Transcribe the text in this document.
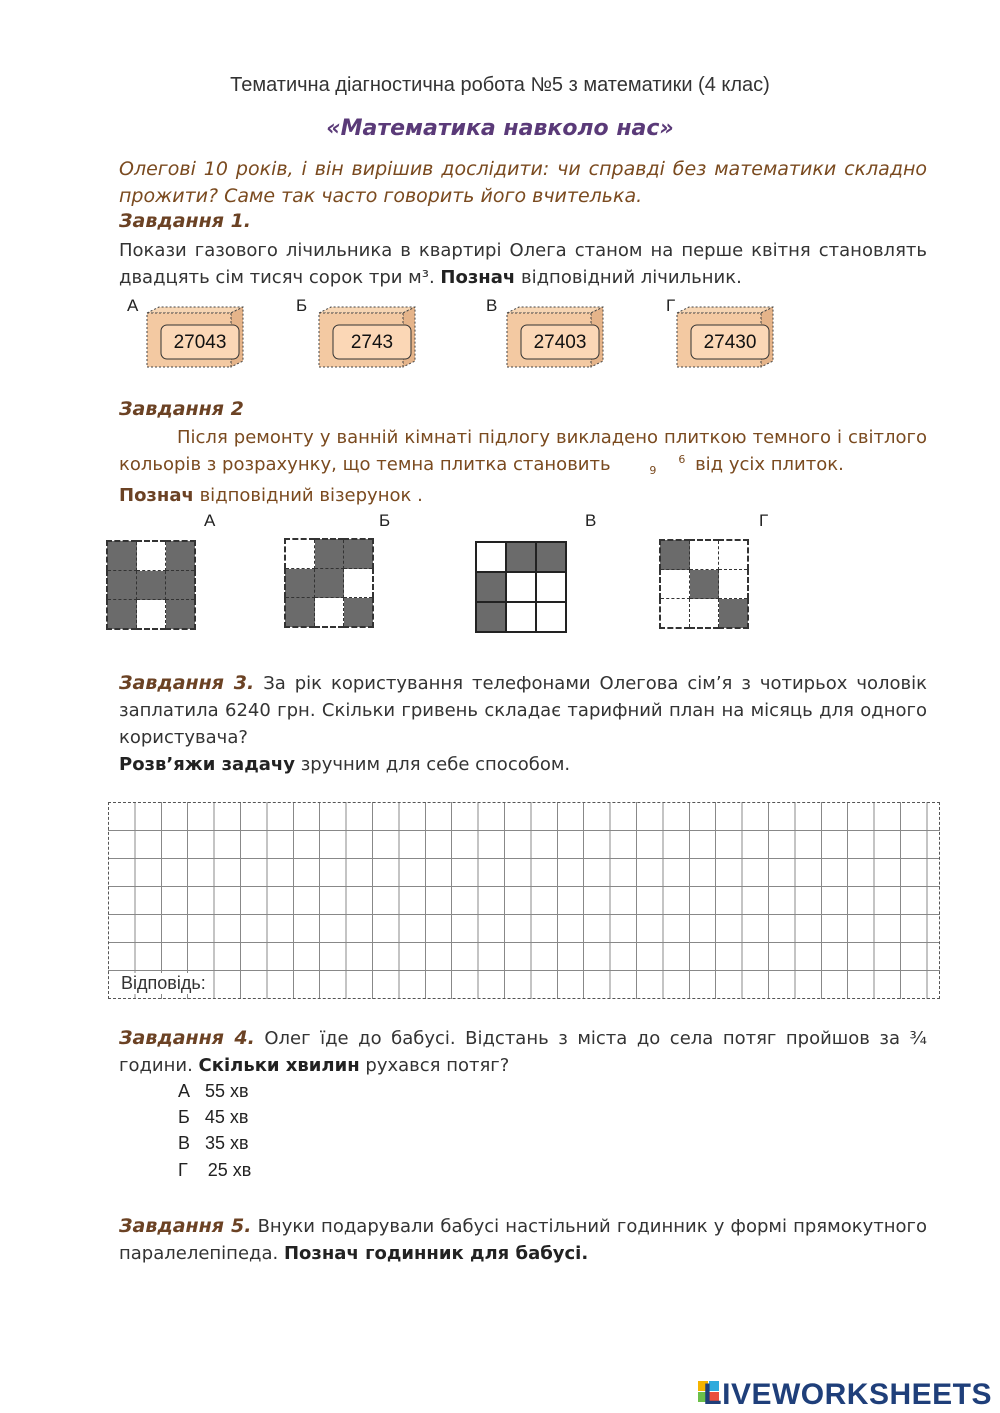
Тематична діагностична робота №5 з математики (4 клас)
«Математика навколо нас»
Олегові 10 років, і він вирішив дослідити: чи справді без математики складно прожити? Саме так часто говорить його вчителька.
Завдання 1.
Покази газового лічильника в квартирі Олега станом на перше квітня становлять двадцять сім тисяч сорок три м³. Познач відповідний лічильник.
А	Б	В	Г
27043	2743	27403	27430
Завдання 2
Після ремонту у ванній кімнаті підлогу викладено плиткою темного і світлого кольорів з розрахунку, що темна плитка становить	6
9 від усіх плиток.
Познач відповідний візерунок .
А	Б	В	Г

Завдання 3. За рік користування телефонами Олегова сім’я з чотирьох чоловік заплатила 6240 грн. Скільки гривень складає тарифний план на місяць для одного користувача?
Розв’яжи задачу зручним для себе способом.
Відповідь:
Завдання 4. Олег їде до бабусі. Відстань з міста до села потяг пройшов за ¾ години. Скільки хвилин рухався потяг?
А 55 хв
Б 45 хв
В 35 хв
Г 25 хв
Завдання 5. Внуки подарували бабусі настільний годинник у формі прямокутного паралелепіпеда. Познач годинник для бабусі.
LIVEWORKSHEETS
